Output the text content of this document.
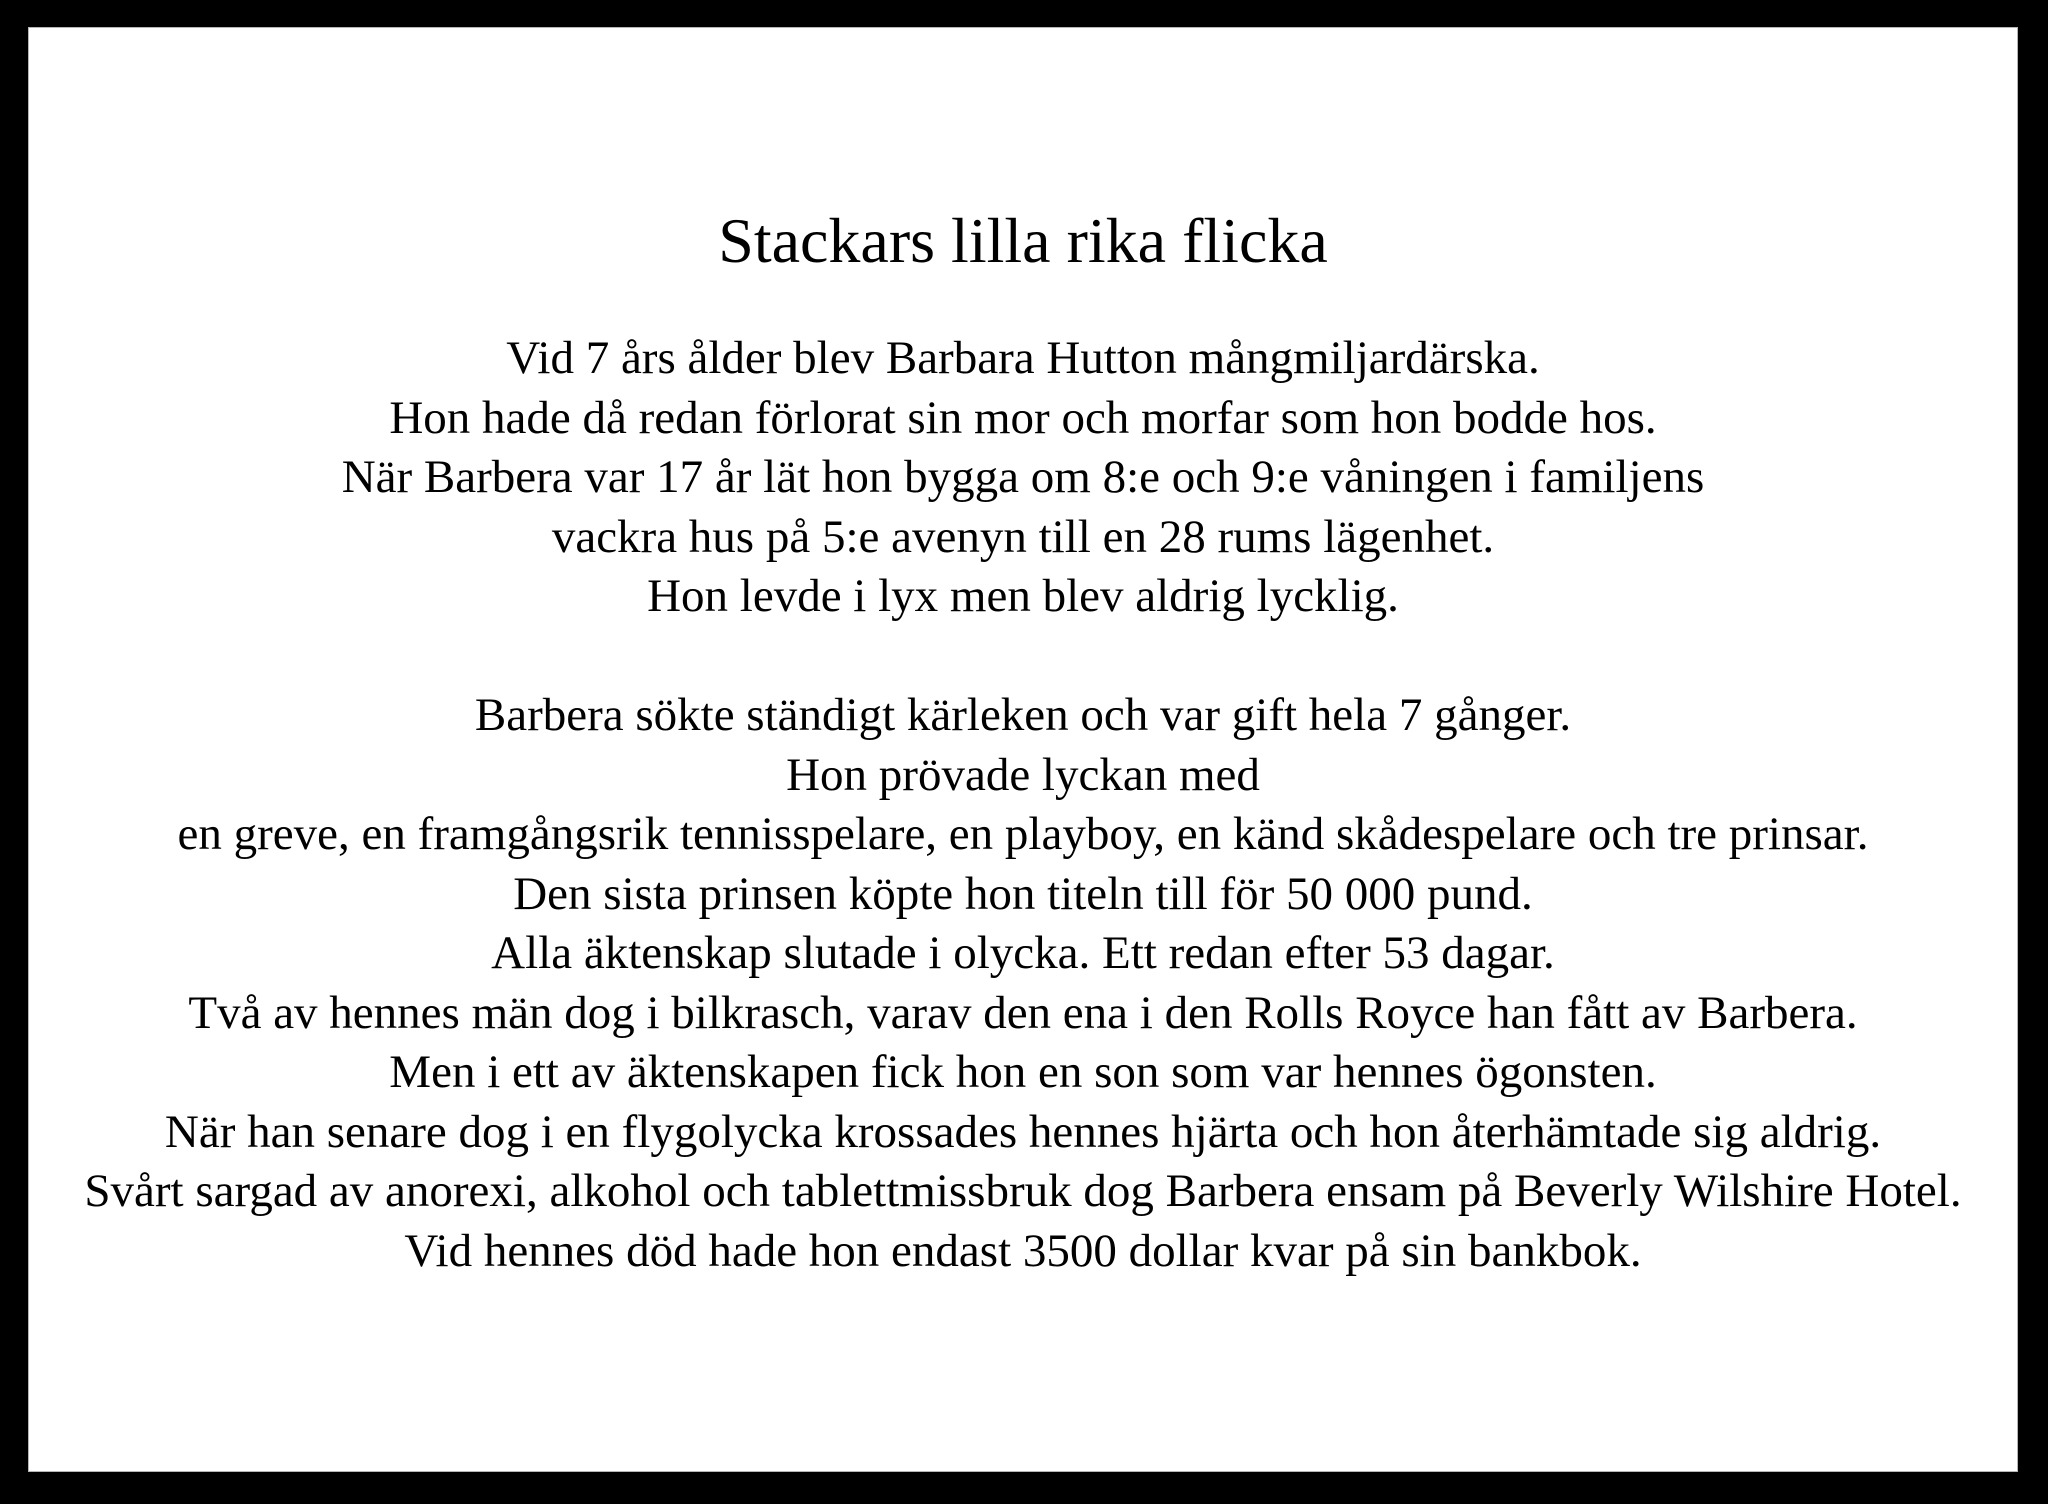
Stackars lilla rika flicka
Vid 7 års ålder blev Barbara Hutton mångmiljardärska.
Hon hade då redan förlorat sin mor och morfar som hon bodde hos.
När Barbera var 17 år lät hon bygga om 8:e och 9:e våningen i familjens
vackra hus på 5:e avenyn till en 28 rums lägenhet.
Hon levde i lyx men blev aldrig lycklig.
Barbera sökte ständigt kärleken och var gift hela 7 gånger.
Hon prövade lyckan med
en greve, en framgångsrik tennisspelare, en playboy, en känd skådespelare och tre prinsar.
Den sista prinsen köpte hon titeln till för 50 000 pund.
Alla äktenskap slutade i olycka. Ett redan efter 53 dagar.
Två av hennes män dog i bilkrasch, varav den ena i den Rolls Royce han fått av Barbera.
Men i ett av äktenskapen fick hon en son som var hennes ögonsten.
När han senare dog i en flygolycka krossades hennes hjärta och hon återhämtade sig aldrig.
Svårt sargad av anorexi, alkohol och tablettmissbruk dog Barbera ensam på Beverly Wilshire Hotel.
Vid hennes död hade hon endast 3500 dollar kvar på sin bankbok.
